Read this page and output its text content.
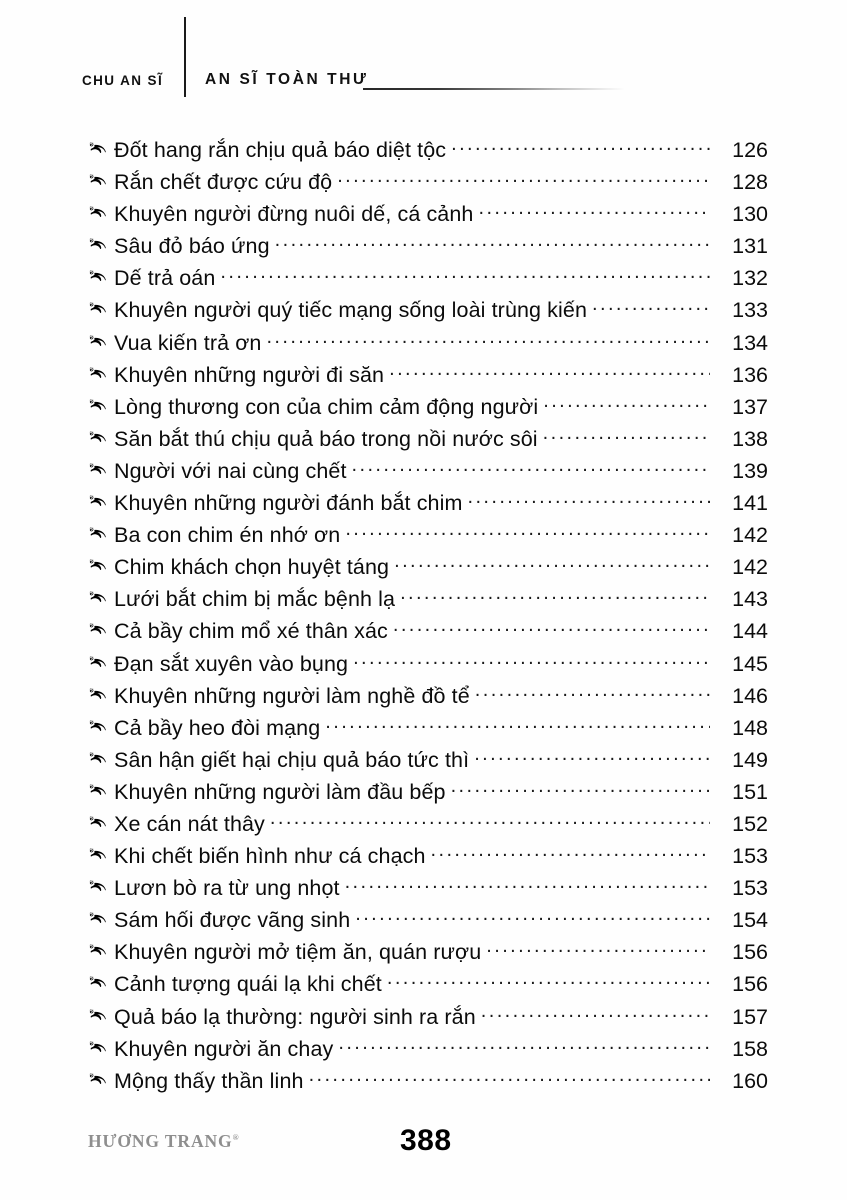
CHU AN SĨ	AN SĨ TOÀN THƯ
Đốt hang rắn chịu quả báo diệt tộc .....	126
Rắn chết được cứu độ .....	128
Khuyên người đừng nuôi dế, cá cảnh .....	130
Sâu đỏ báo ứng .....	131
Dế trả oán .....	132
Khuyên người quý tiếc mạng sống loài trùng kiến .....	133
Vua kiến trả ơn .....	134
Khuyên những người đi săn .....	136
Lòng thương con của chim cảm động người .....	137
Săn bắt thú chịu quả báo trong nồi nước sôi .....	138
Người với nai cùng chết .....	139
Khuyên những người đánh bắt chim .....	141
Ba con chim én nhớ ơn .....	142
Chim khách chọn huyệt táng .....	142
Lưới bắt chim bị mắc bệnh lạ .....	143
Cả bầy chim mổ xé thân xác .....	144
Đạn sắt xuyên vào bụng .....	145
Khuyên những người làm nghề đồ tể .....	146
Cả bầy heo đòi mạng .....	148
Sân hận giết hại chịu quả báo tức thì .....	149
Khuyên những người làm đầu bếp .....	151
Xe cán nát thây .....	152
Khi chết biến hình như cá chạch .....	153
Lươn bò ra từ ung nhọt .....	153
Sám hối được vãng sinh .....	154
Khuyên người mở tiệm ăn, quán rượu .....	156
Cảnh tượng quái lạ khi chết .....	156
Quả báo lạ thường: người sinh ra rắn .....	157
Khuyên người ăn chay .....	158
Mộng thấy thần linh .....	160
HƯƠNG TRANG®	388
